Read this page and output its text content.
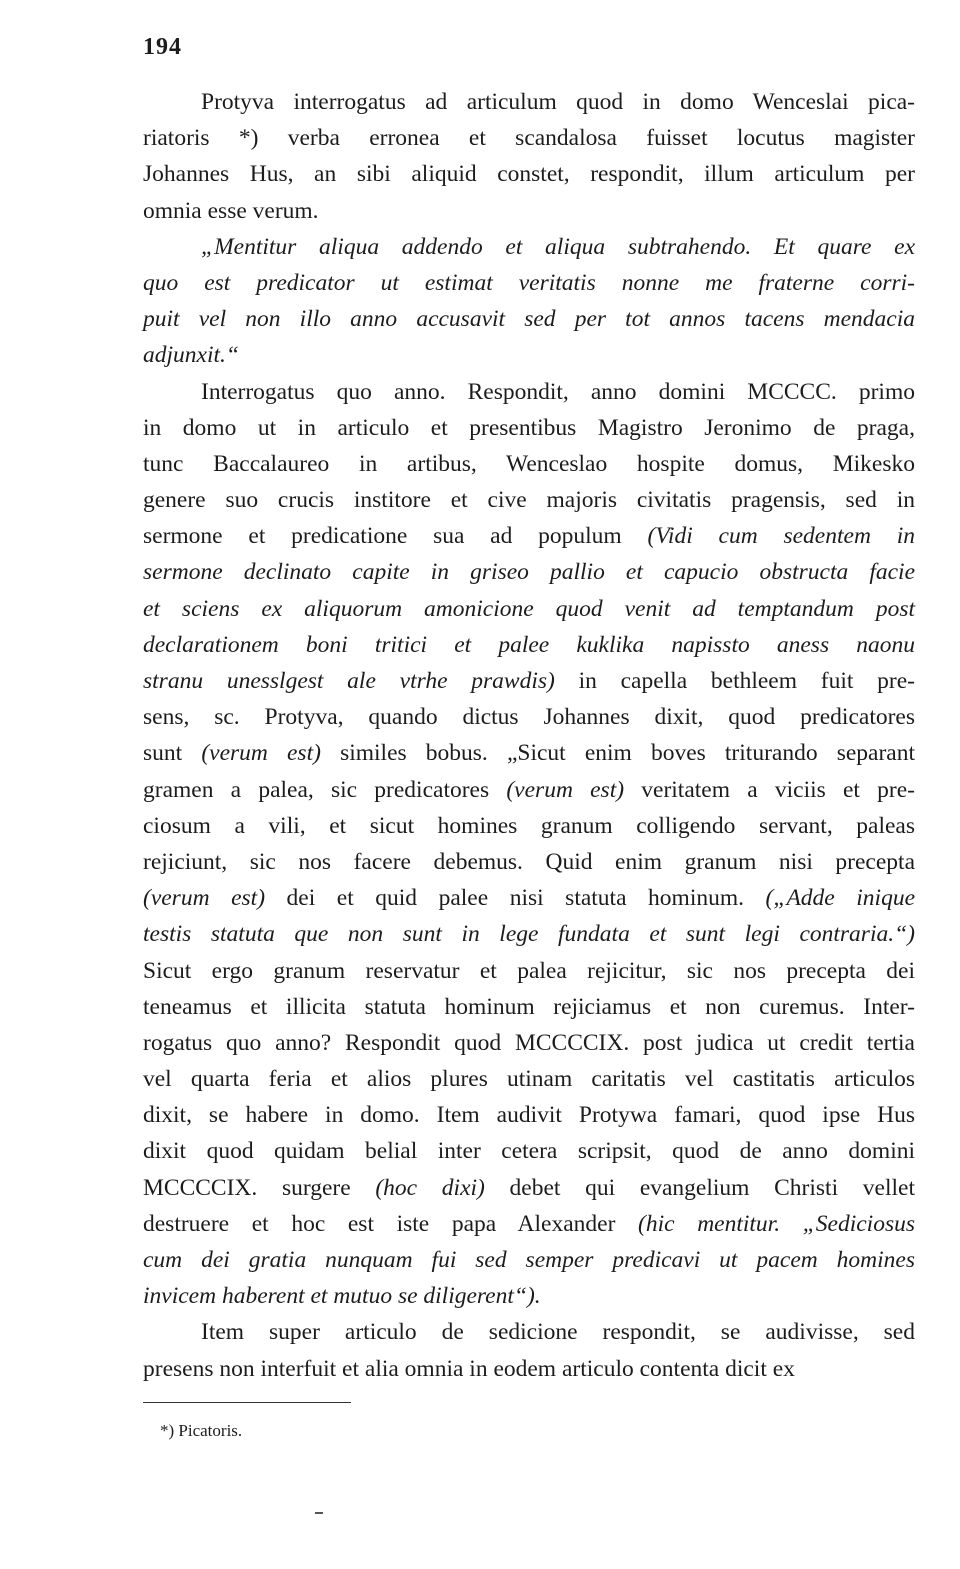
194
Protyva interrogatus ad articulum quod in domo Wenceslai pica-
riatoris *) verba erronea et scandalosa fuisset locutus magister
Johannes Hus, an sibi aliquid constet, respondit, illum articulum per
omnia esse verum.
„Mentitur aliqua addendo et aliqua subtrahendo. Et quare ex
quo est predicator ut estimat veritatis nonne me fraterne corri-
puit vel non illo anno accusavit sed per tot annos tacens mendacia
adjunxit.“
Interrogatus quo anno. Respondit, anno domini MCCCC. primo
in domo ut in articulo et presentibus Magistro Jeronimo de praga,
tunc Baccalaureo in artibus, Wenceslao hospite domus, Mikesko
genere suo crucis institore et cive majoris civitatis pragensis, sed in
sermone et predicatione sua ad populum (Vidi cum sedentem in
sermone declinato capite in griseo pallio et capucio obstructa facie
et sciens ex aliquorum amonicione quod venit ad temptandum post
declarationem boni tritici et palee kuklika napissto aness naonu
stranu unesslgest ale vtrhe prawdis) in capella bethleem fuit pre-
sens, sc. Protyva, quando dictus Johannes dixit, quod predicatores
sunt (verum est) similes bobus. „Sicut enim boves triturando separant
gramen a palea, sic predicatores (verum est) veritatem a viciis et pre-
ciosum a vili, et sicut homines granum colligendo servant, paleas
rejiciunt, sic nos facere debemus. Quid enim granum nisi precepta
(verum est) dei et quid palee nisi statuta hominum. („Adde inique
testis statuta que non sunt in lege fundata et sunt legi contraria.“)
Sicut ergo granum reservatur et palea rejicitur, sic nos precepta dei
teneamus et illicita statuta hominum rejiciamus et non curemus. Inter-
rogatus quo anno? Respondit quod MCCCCIX. post judica ut credit tertia
vel quarta feria et alios plures utinam caritatis vel castitatis articulos
dixit, se habere in domo. Item audivit Protywa famari, quod ipse Hus
dixit quod quidam belial inter cetera scripsit, quod de anno domini
MCCCCIX. surgere (hoc dixi) debet qui evangelium Christi vellet
destruere et hoc est iste papa Alexander (hic mentitur. „Sediciosus
cum dei gratia nunquam fui sed semper predicavi ut pacem homines
invicem haberent et mutuo se diligerent“).
Item super articulo de sedicione respondit, se audivisse, sed
presens non interfuit et alia omnia in eodem articulo contenta dicit ex
*) Picatoris.
